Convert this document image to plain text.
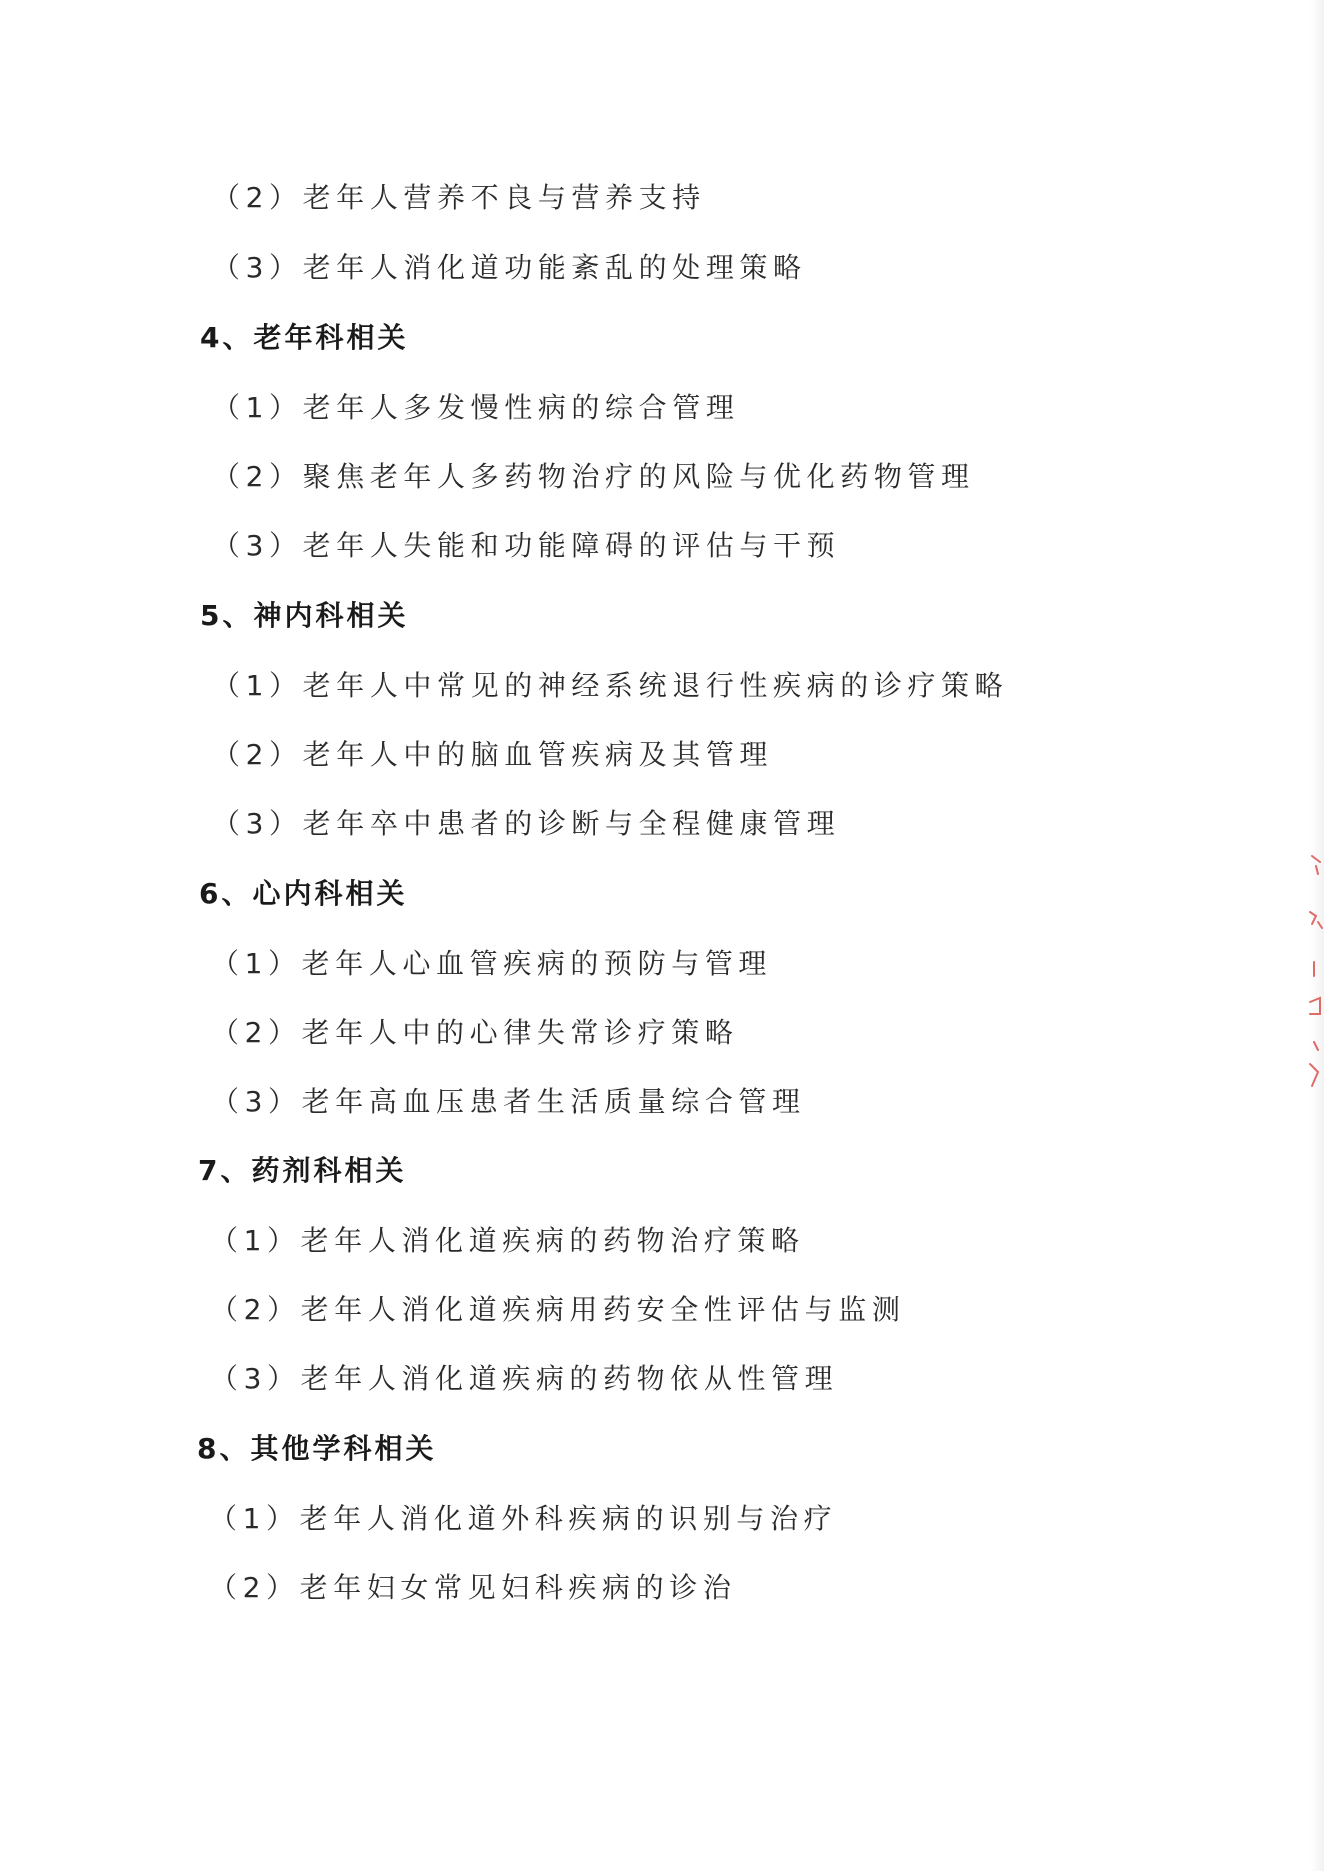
（2）老年人营养不良与营养支持
（3）老年人消化道功能紊乱的处理策略
4、老年科相关
（1）老年人多发慢性病的综合管理
（2）聚焦老年人多药物治疗的风险与优化药物管理
（3）老年人失能和功能障碍的评估与干预
5、神内科相关
（1）老年人中常见的神经系统退行性疾病的诊疗策略
（2）老年人中的脑血管疾病及其管理
（3）老年卒中患者的诊断与全程健康管理
6、心内科相关
（1）老年人心血管疾病的预防与管理
（2）老年人中的心律失常诊疗策略
（3）老年高血压患者生活质量综合管理
7、药剂科相关
（1）老年人消化道疾病的药物治疗策略
（2）老年人消化道疾病用药安全性评估与监测
（3）老年人消化道疾病的药物依从性管理
8、其他学科相关
（1）老年人消化道外科疾病的识别与治疗
（2）老年妇女常见妇科疾病的诊治
